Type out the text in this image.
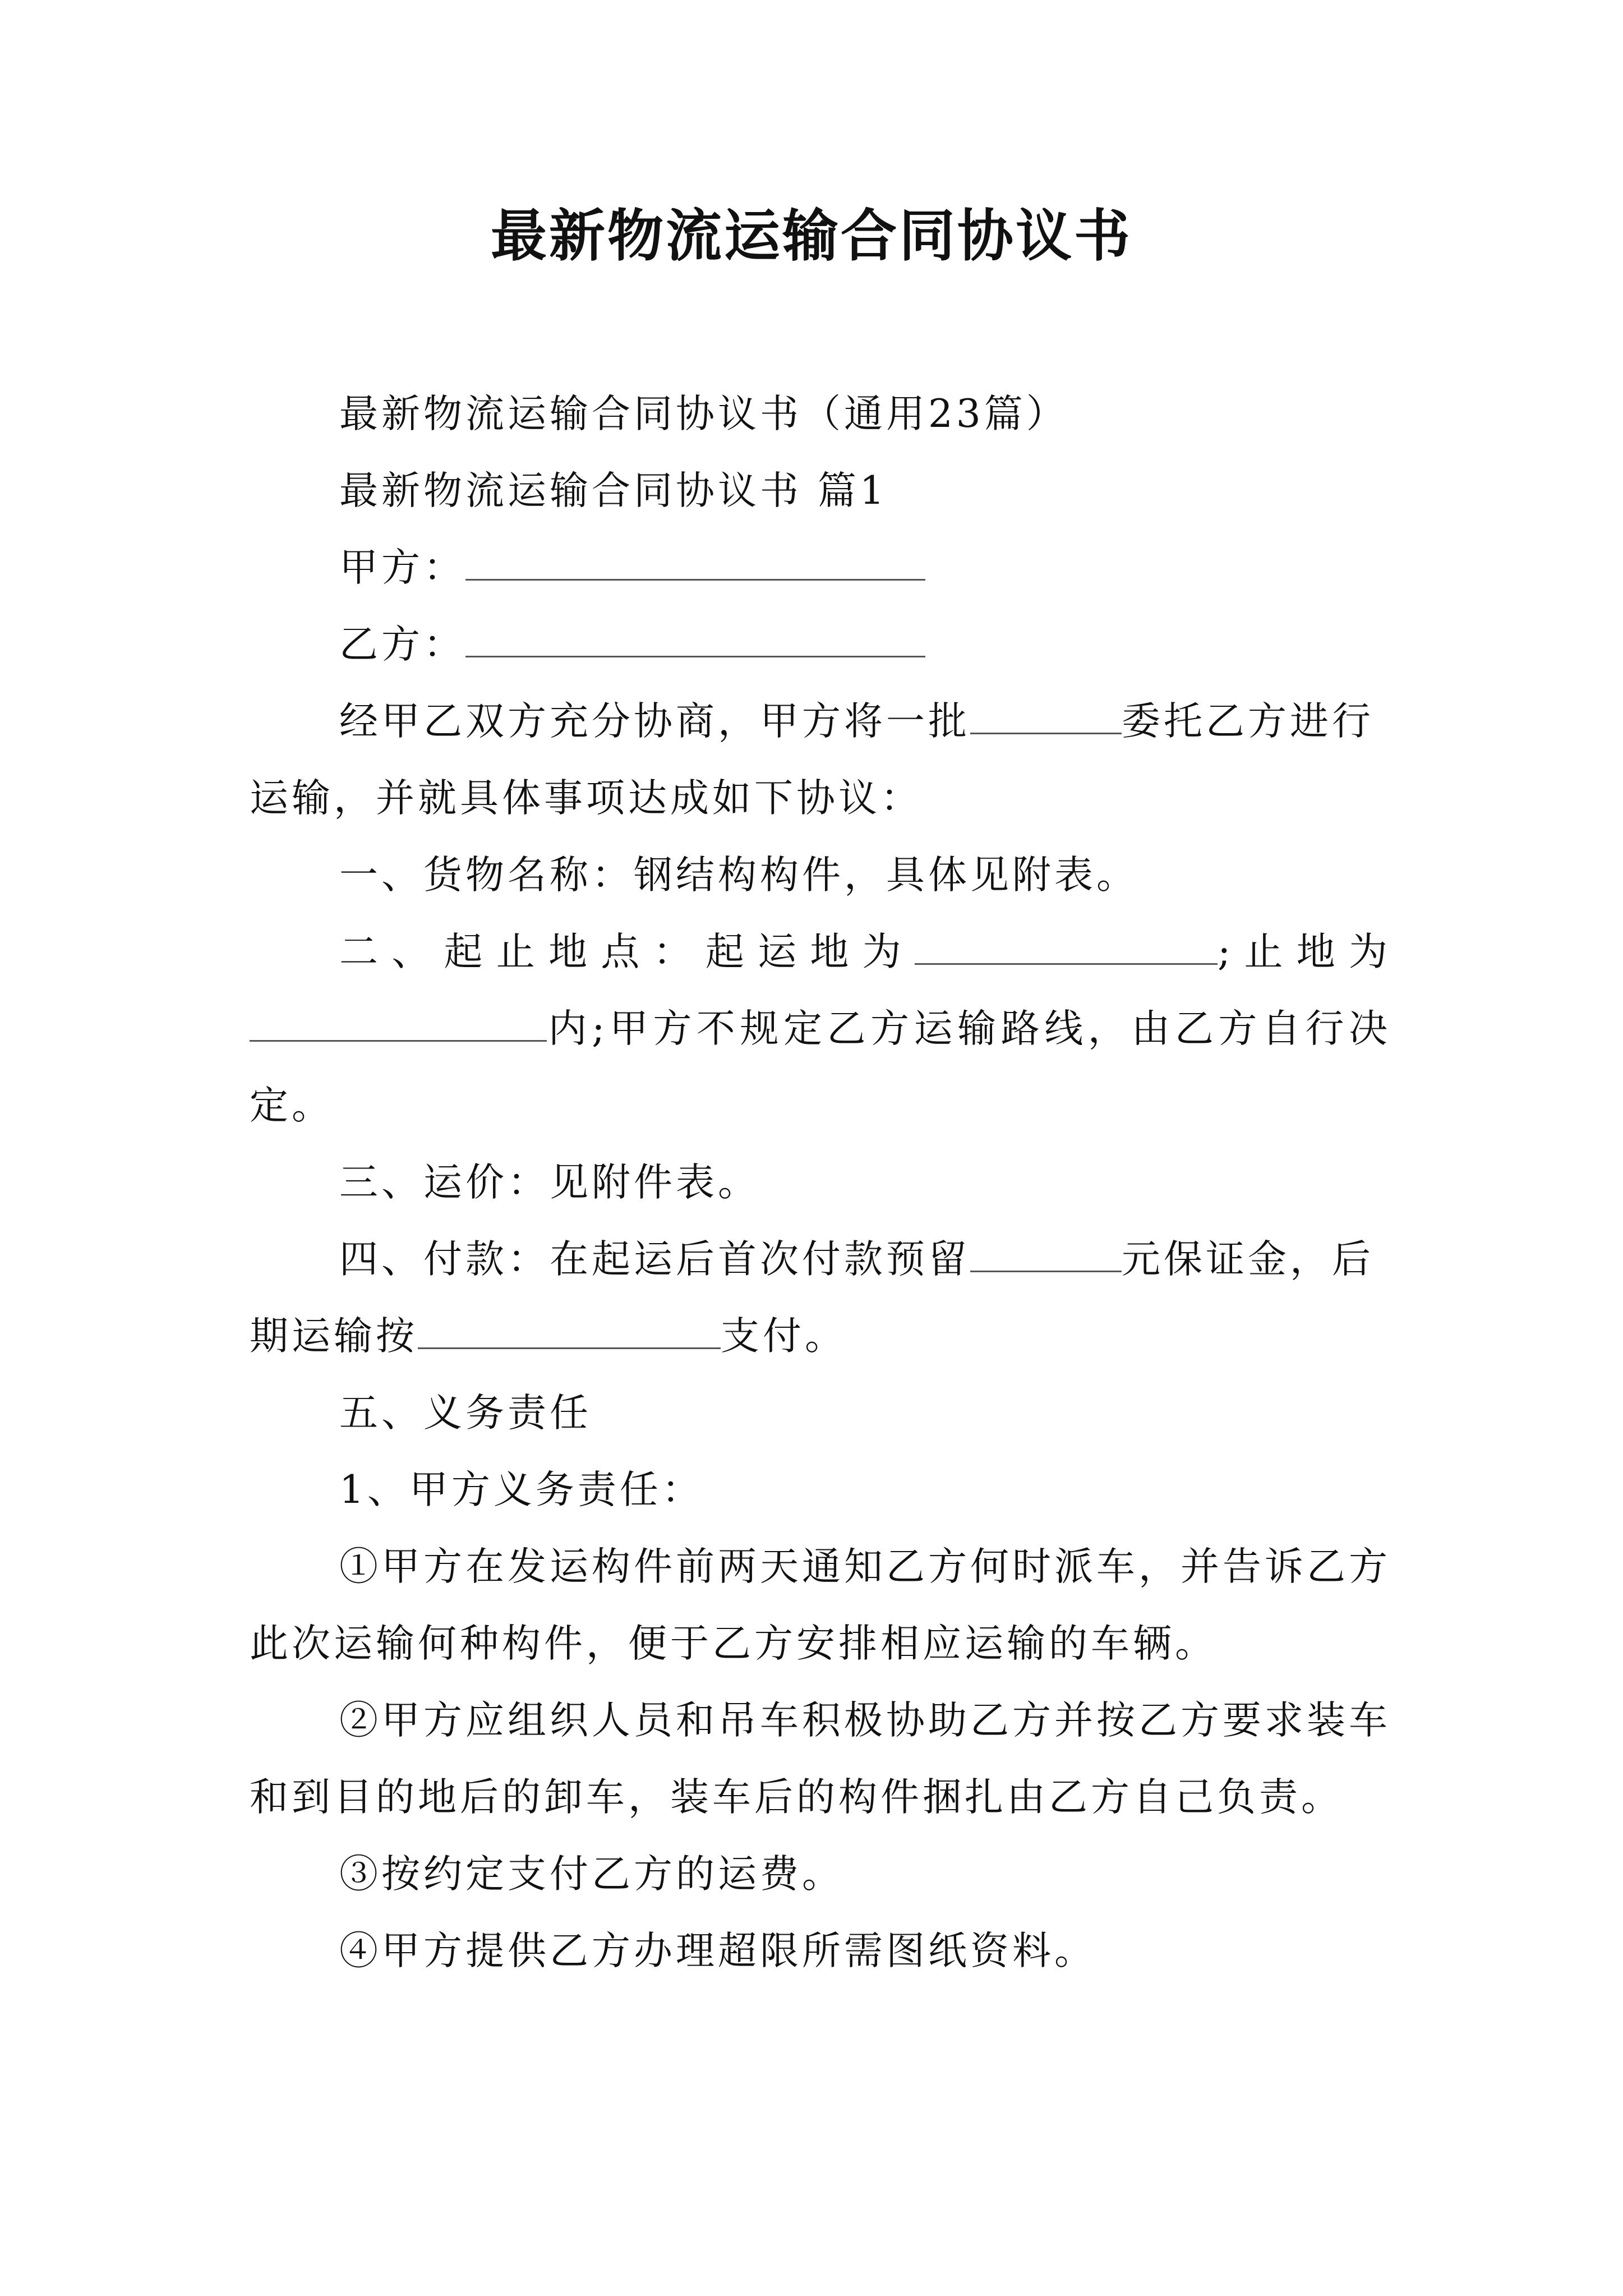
最新物流运输合同协议书

最新物流运输合同协议书（通用23篇）

最新物流运输合同协议书 篇1

甲方：

乙方：

经甲乙双方充分协商，甲方将一批	委托乙方进行运输，并就具体事项达成如下协议：

一、货物名称：钢结构构件，具体见附表。

二、起止地点：起运地为	;止地为内;甲方不规定乙方运输路线，由乙方自行决定。

三、运价：见附件表。

四、付款：在起运后首次付款预留	元保证金，后期运输按	支付。

五、义务责任

1、甲方义务责任：

①甲方在发运构件前两天通知乙方何时派车，并告诉乙方此次运输何种构件，便于乙方安排相应运输的车辆。

②甲方应组织人员和吊车积极协助乙方并按乙方要求装车和到目的地后的卸车，装车后的构件捆扎由乙方自己负责。

③按约定支付乙方的运费。

④甲方提供乙方办理超限所需图纸资料。
